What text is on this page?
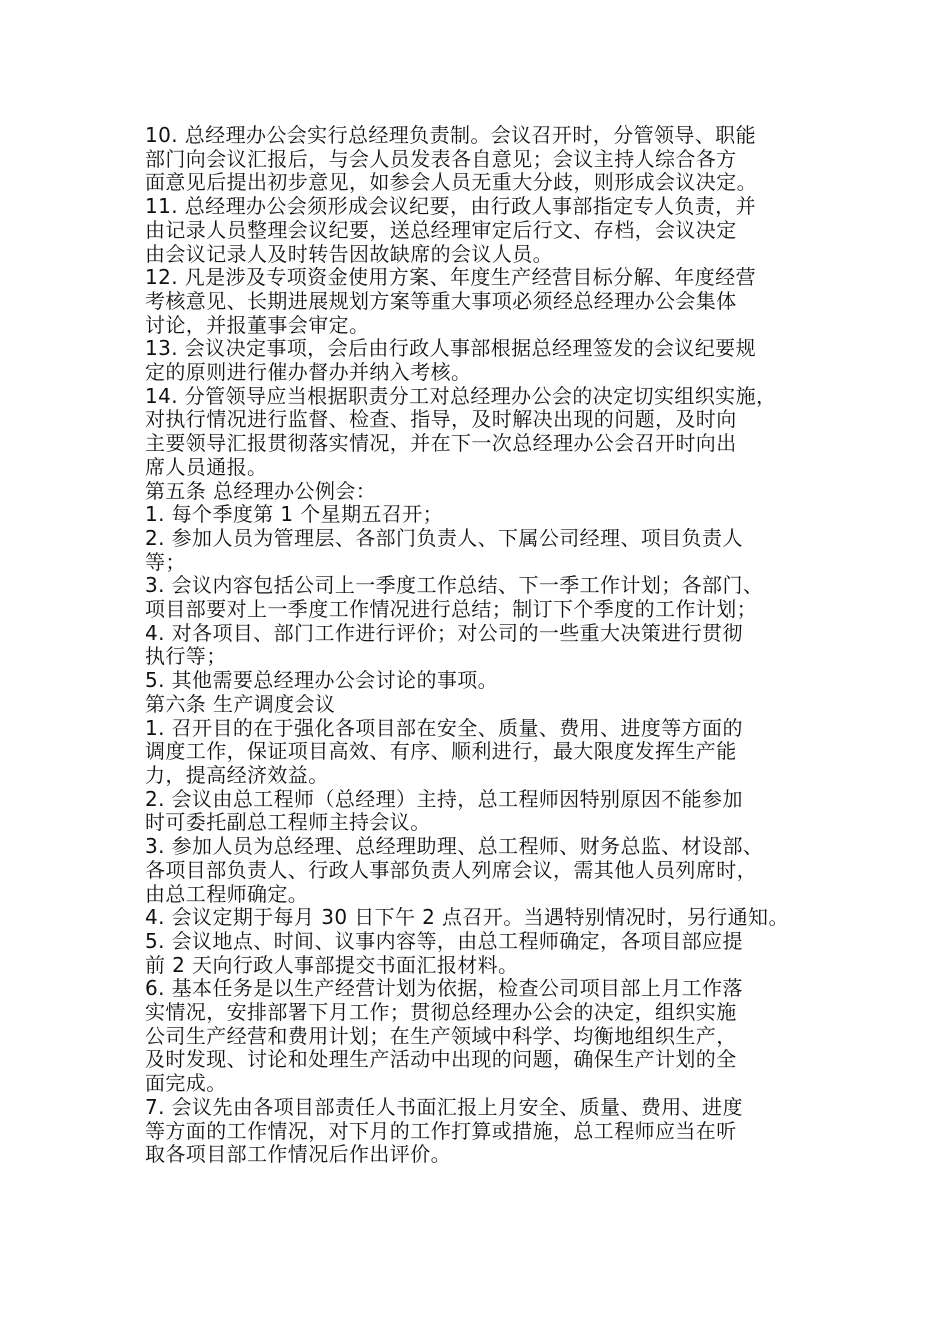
10. 总经理办公会实行总经理负责制。会议召开时，分管领导、职能
部门向会议汇报后，与会人员发表各自意见；会议主持人综合各方
面意见后提出初步意见，如参会人员无重大分歧，则形成会议决定。
11. 总经理办公会须形成会议纪要，由行政人事部指定专人负责，并
由记录人员整理会议纪要，送总经理审定后行文、存档，会议决定
由会议记录人及时转告因故缺席的会议人员。
12. 凡是涉及专项资金使用方案、年度生产经营目标分解、年度经营
考核意见、长期进展规划方案等重大事项必须经总经理办公会集体
讨论，并报董事会审定。
13. 会议决定事项，会后由行政人事部根据总经理签发的会议纪要规
定的原则进行催办督办并纳入考核。
14. 分管领导应当根据职责分工对总经理办公会的决定切实组织实施，
对执行情况进行监督、检查、指导，及时解决出现的问题，及时向
主要领导汇报贯彻落实情况，并在下一次总经理办公会召开时向出
席人员通报。
第五条 总经理办公例会：
1. 每个季度第 1 个星期五召开；
2. 参加人员为管理层、各部门负责人、下属公司经理、项目负责人
等；
3. 会议内容包括公司上一季度工作总结、下一季工作计划；各部门、
项目部要对上一季度工作情况进行总结；制订下个季度的工作计划；
4. 对各项目、部门工作进行评价；对公司的一些重大决策进行贯彻
执行等；
5. 其他需要总经理办公会讨论的事项。
第六条 生产调度会议
1. 召开目的在于强化各项目部在安全、质量、费用、进度等方面的
调度工作，保证项目高效、有序、顺利进行，最大限度发挥生产能
力，提高经济效益。
2. 会议由总工程师（总经理）主持，总工程师因特别原因不能参加
时可委托副总工程师主持会议。
3. 参加人员为总经理、总经理助理、总工程师、财务总监、材设部、
各项目部负责人、行政人事部负责人列席会议，需其他人员列席时，
由总工程师确定。
4. 会议定期于每月 30 日下午 2 点召开。当遇特别情况时，另行通知。
5. 会议地点、时间、议事内容等，由总工程师确定，各项目部应提
前 2 天向行政人事部提交书面汇报材料。
6. 基本任务是以生产经营计划为依据，检查公司项目部上月工作落
实情况，安排部署下月工作；贯彻总经理办公会的决定，组织实施
公司生产经营和费用计划；在生产领域中科学、均衡地组织生产，
及时发现、讨论和处理生产活动中出现的问题，确保生产计划的全
面完成。
7. 会议先由各项目部责任人书面汇报上月安全、质量、费用、进度
等方面的工作情况，对下月的工作打算或措施，总工程师应当在听
取各项目部工作情况后作出评价。
